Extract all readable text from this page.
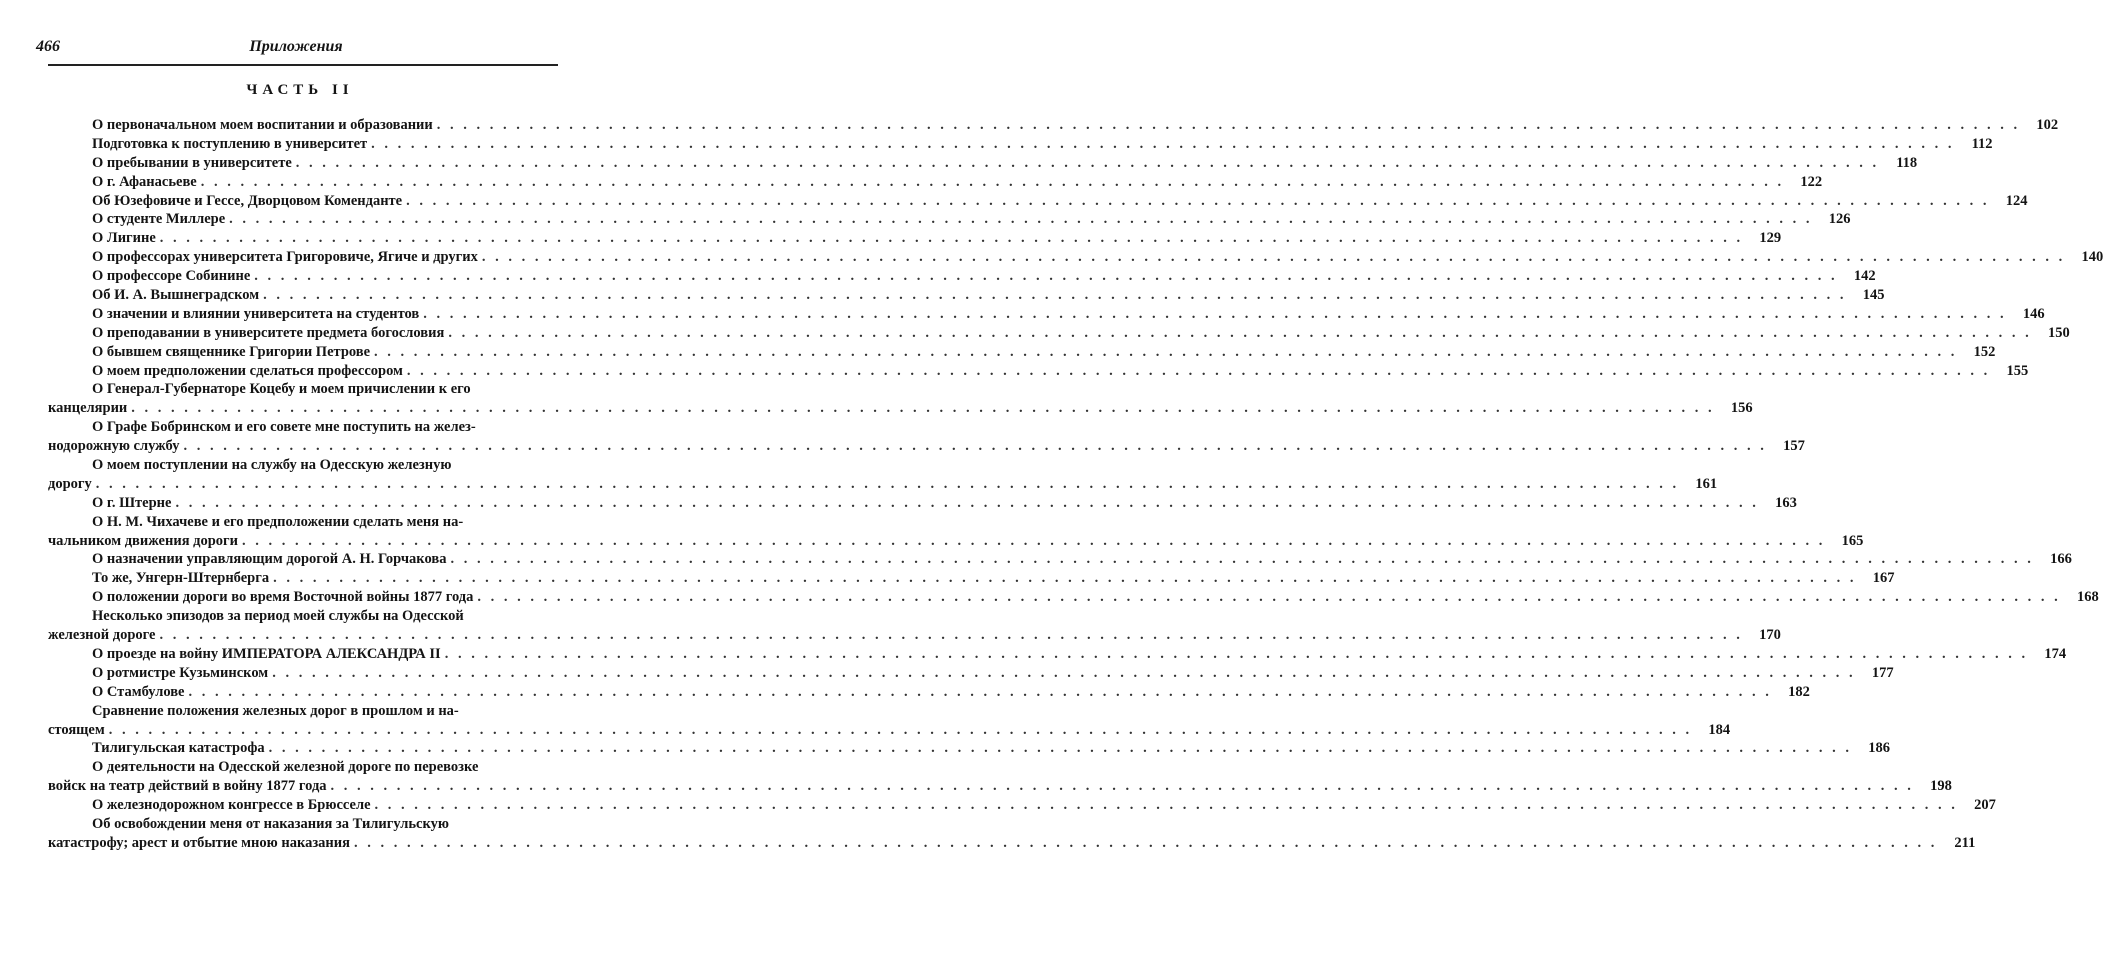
466	Приложения
ЧАСТЬ II
О первоначальном моем воспитании и образовании . . . . . . . . . . . . . . . . . . . . . . . . . . . . . . . . . . . . . . . . . . . . . . . . . . . . . . . . . . . . . . . . . . . . . . . . . . . . . . . . . . . . . . . . . . . . . . . . . . . . . . . . . . . . . . . . . . . . . . . .	102
Подготовка к поступлению в университет . . . . . . . . . . . . . . . . . . . . . . . . . . . . . . . . . . . . . . . . . . . . . . . . . . . . . . . . . . . . . . . . . . . . . . . . . . . . . . . . . . . . . . . . . . . . . . . . . . . . . . . . . . . . . . . . . . . . . . . .	112
О пребывании в университете . . . . . . . . . . . . . . . . . . . . . . . . . . . . . . . . . . . . . . . . . . . . . . . . . . . . . . . . . . . . . . . . . . . . . . . . . . . . . . . . . . . . . . . . . . . . . . . . . . . . . . . . . . . . . . . . . . . . . . . .	118
О г. Афанасьеве . . . . . . . . . . . . . . . . . . . . . . . . . . . . . . . . . . . . . . . . . . . . . . . . . . . . . . . . . . . . . . . . . . . . . . . . . . . . . . . . . . . . . . . . . . . . . . . . . . . . . . . . . . . . . . . . . . . . . . . .	122
Об Юзефовиче и Гессе, Дворцовом Коменданте . . . . . . . . . . . . . . . . . . . . . . . . . . . . . . . . . . . . . . . . . . . . . . . . . . . . . . . . . . . . . . . . . . . . . . . . . . . . . . . . . . . . . . . . . . . . . . . . . . . . . . . . . . . . . . . . . . . . . . . .	124
О студенте Миллере . . . . . . . . . . . . . . . . . . . . . . . . . . . . . . . . . . . . . . . . . . . . . . . . . . . . . . . . . . . . . . . . . . . . . . . . . . . . . . . . . . . . . . . . . . . . . . . . . . . . . . . . . . . . . . . . . . . . . . . .	126
О Лигине . . . . . . . . . . . . . . . . . . . . . . . . . . . . . . . . . . . . . . . . . . . . . . . . . . . . . . . . . . . . . . . . . . . . . . . . . . . . . . . . . . . . . . . . . . . . . . . . . . . . . . . . . . . . . . . . . . . . . . . .	129
О профессорах университета Григоровиче, Ягиче и других . . . . . . . . . . . . . . . . . . . . . . . . . . . . . . . . . . . . . . . . . . . . . . . . . . . . . . . . . . . . . . . . . . . . . . . . . . . . . . . . . . . . . . . . . . . . . . . . . . . . . . . . . . . . . . . . . . . . . . . .	140
О профессоре Собинине . . . . . . . . . . . . . . . . . . . . . . . . . . . . . . . . . . . . . . . . . . . . . . . . . . . . . . . . . . . . . . . . . . . . . . . . . . . . . . . . . . . . . . . . . . . . . . . . . . . . . . . . . . . . . . . . . . . . . . . .	142
Об И. А. Вышнеградском . . . . . . . . . . . . . . . . . . . . . . . . . . . . . . . . . . . . . . . . . . . . . . . . . . . . . . . . . . . . . . . . . . . . . . . . . . . . . . . . . . . . . . . . . . . . . . . . . . . . . . . . . . . . . . . . . . . . . . . .	145
О значении и влиянии университета на студентов . . . . . . . . . . . . . . . . . . . . . . . . . . . . . . . . . . . . . . . . . . . . . . . . . . . . . . . . . . . . . . . . . . . . . . . . . . . . . . . . . . . . . . . . . . . . . . . . . . . . . . . . . . . . . . . . . . . . . . . .	146
О преподавании в университете предмета богословия . . . . . . . . . . . . . . . . . . . . . . . . . . . . . . . . . . . . . . . . . . . . . . . . . . . . . . . . . . . . . . . . . . . . . . . . . . . . . . . . . . . . . . . . . . . . . . . . . . . . . . . . . . . . . . . . . . . . . . . .	150
О бывшем священнике Григории Петрове . . . . . . . . . . . . . . . . . . . . . . . . . . . . . . . . . . . . . . . . . . . . . . . . . . . . . . . . . . . . . . . . . . . . . . . . . . . . . . . . . . . . . . . . . . . . . . . . . . . . . . . . . . . . . . . . . . . . . . . .	152
О моем предположении сделаться профессором . . . . . . . . . . . . . . . . . . . . . . . . . . . . . . . . . . . . . . . . . . . . . . . . . . . . . . . . . . . . . . . . . . . . . . . . . . . . . . . . . . . . . . . . . . . . . . . . . . . . . . . . . . . . . . . . . . . . . . . .	155
О Генерал-Губернаторе Коцебу и моем причислении к его
канцелярии . . . . . . . . . . . . . . . . . . . . . . . . . . . . . . . . . . . . . . . . . . . . . . . . . . . . . . . . . . . . . . . . . . . . . . . . . . . . . . . . . . . . . . . . . . . . . . . . . . . . . . . . . . . . . . . . . . . . . . . .	156
О Графе Бобринском и его совете мне поступить на желез-
нодорожную службу . . . . . . . . . . . . . . . . . . . . . . . . . . . . . . . . . . . . . . . . . . . . . . . . . . . . . . . . . . . . . . . . . . . . . . . . . . . . . . . . . . . . . . . . . . . . . . . . . . . . . . . . . . . . . . . . . . . . . . . .	157
О моем поступлении на службу на Одесскую железную
дорогу . . . . . . . . . . . . . . . . . . . . . . . . . . . . . . . . . . . . . . . . . . . . . . . . . . . . . . . . . . . . . . . . . . . . . . . . . . . . . . . . . . . . . . . . . . . . . . . . . . . . . . . . . . . . . . . . . . . . . . . .	161
О г. Штерне . . . . . . . . . . . . . . . . . . . . . . . . . . . . . . . . . . . . . . . . . . . . . . . . . . . . . . . . . . . . . . . . . . . . . . . . . . . . . . . . . . . . . . . . . . . . . . . . . . . . . . . . . . . . . . . . . . . . . . . .	163
О Н. М. Чихачеве и его предположении сделать меня на-
чальником движения дороги . . . . . . . . . . . . . . . . . . . . . . . . . . . . . . . . . . . . . . . . . . . . . . . . . . . . . . . . . . . . . . . . . . . . . . . . . . . . . . . . . . . . . . . . . . . . . . . . . . . . . . . . . . . . . . . . . . . . . . . .	165
О назначении управляющим дорогой А. Н. Горчакова . . . . . . . . . . . . . . . . . . . . . . . . . . . . . . . . . . . . . . . . . . . . . . . . . . . . . . . . . . . . . . . . . . . . . . . . . . . . . . . . . . . . . . . . . . . . . . . . . . . . . . . . . . . . . . . . . . . . . . . .	166
То же, Унгерн-Штернберга . . . . . . . . . . . . . . . . . . . . . . . . . . . . . . . . . . . . . . . . . . . . . . . . . . . . . . . . . . . . . . . . . . . . . . . . . . . . . . . . . . . . . . . . . . . . . . . . . . . . . . . . . . . . . . . . . . . . . . . .	167
О положении дороги во время Восточной войны 1877 года . . . . . . . . . . . . . . . . . . . . . . . . . . . . . . . . . . . . . . . . . . . . . . . . . . . . . . . . . . . . . . . . . . . . . . . . . . . . . . . . . . . . . . . . . . . . . . . . . . . . . . . . . . . . . . . . . . . . . . . .	168
Несколько эпизодов за период моей службы на Одесской
железной дороге . . . . . . . . . . . . . . . . . . . . . . . . . . . . . . . . . . . . . . . . . . . . . . . . . . . . . . . . . . . . . . . . . . . . . . . . . . . . . . . . . . . . . . . . . . . . . . . . . . . . . . . . . . . . . . . . . . . . . . . .	170
О проезде на войну ИМПЕРАТОРА АЛЕКСАНДРА II . . . . . . . . . . . . . . . . . . . . . . . . . . . . . . . . . . . . . . . . . . . . . . . . . . . . . . . . . . . . . . . . . . . . . . . . . . . . . . . . . . . . . . . . . . . . . . . . . . . . . . . . . . . . . . . . . . . . . . . .	174
О ротмистре Кузьминском . . . . . . . . . . . . . . . . . . . . . . . . . . . . . . . . . . . . . . . . . . . . . . . . . . . . . . . . . . . . . . . . . . . . . . . . . . . . . . . . . . . . . . . . . . . . . . . . . . . . . . . . . . . . . . . . . . . . . . . .	177
О Стамбулове . . . . . . . . . . . . . . . . . . . . . . . . . . . . . . . . . . . . . . . . . . . . . . . . . . . . . . . . . . . . . . . . . . . . . . . . . . . . . . . . . . . . . . . . . . . . . . . . . . . . . . . . . . . . . . . . . . . . . . . .	182
Сравнение положения железных дорог в прошлом и на-
стоящем . . . . . . . . . . . . . . . . . . . . . . . . . . . . . . . . . . . . . . . . . . . . . . . . . . . . . . . . . . . . . . . . . . . . . . . . . . . . . . . . . . . . . . . . . . . . . . . . . . . . . . . . . . . . . . . . . . . . . . . .	184
Тилигульская катастрофа . . . . . . . . . . . . . . . . . . . . . . . . . . . . . . . . . . . . . . . . . . . . . . . . . . . . . . . . . . . . . . . . . . . . . . . . . . . . . . . . . . . . . . . . . . . . . . . . . . . . . . . . . . . . . . . . . . . . . . . .	186
О деятельности на Одесской железной дороге по перевозке
войск на театр действий в войну 1877 года . . . . . . . . . . . . . . . . . . . . . . . . . . . . . . . . . . . . . . . . . . . . . . . . . . . . . . . . . . . . . . . . . . . . . . . . . . . . . . . . . . . . . . . . . . . . . . . . . . . . . . . . . . . . . . . . . . . . . . . .	198
О железнодорожном конгрессе в Брюсселе . . . . . . . . . . . . . . . . . . . . . . . . . . . . . . . . . . . . . . . . . . . . . . . . . . . . . . . . . . . . . . . . . . . . . . . . . . . . . . . . . . . . . . . . . . . . . . . . . . . . . . . . . . . . . . . . . . . . . . . .	207
Об освобождении меня от наказания за Тилигульскую
катастрофу; арест и отбытие мною наказания . . . . . . . . . . . . . . . . . . . . . . . . . . . . . . . . . . . . . . . . . . . . . . . . . . . . . . . . . . . . . . . . . . . . . . . . . . . . . . . . . . . . . . . . . . . . . . . . . . . . . . . . . . . . . . . . . . . . . . . .	211
